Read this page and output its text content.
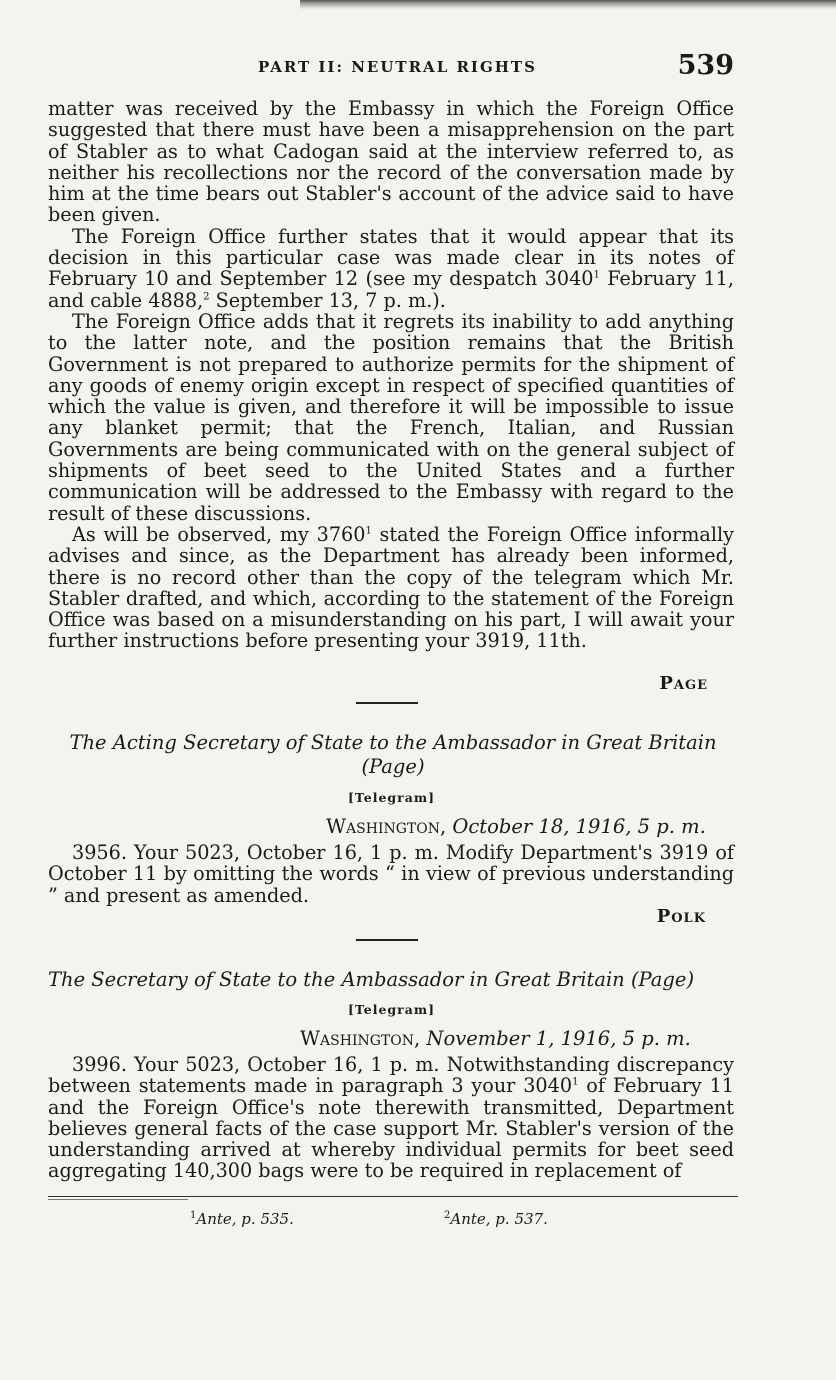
PART II: NEUTRAL RIGHTS	539

matter was received by the Embassy in which the Foreign Office suggested that there must have been a misapprehension on the part of Stabler as to what Cadogan said at the interview referred to, as neither his recollections nor the record of the conversation made by him at the time bears out Stabler's account of the advice said to have been given.

The Foreign Office further states that it would appear that its decision in this particular case was made clear in its notes of February 10 and September 12 (see my despatch 3040$^1$ February 11, and cable 4888,$^2$ September 13, 7 p. m.).

The Foreign Office adds that it regrets its inability to add anything to the latter note, and the position remains that the British Government is not prepared to authorize permits for the shipment of any goods of enemy origin except in respect of specified quantities of which the value is given, and therefore it will be impossible to issue any blanket permit; that the French, Italian, and Russian Governments are being communicated with on the general subject of shipments of beet seed to the United States and a further communication will be addressed to the Embassy with regard to the result of these discussions.

As will be observed, my 3760$^1$ stated the Foreign Office informally advises and since, as the Department has already been informed, there is no record other than the copy of the telegram which Mr. Stabler drafted, and which, according to the statement of the Foreign Office was based on a misunderstanding on his part, I will await your further instructions before presenting your 3919, 11th.

Page
The Acting Secretary of State to the Ambassador in Great Britain
(Page)
[Telegram]
Washington, October 18, 1916, 5 p. m.

3956. Your 5023, October 16, 1 p. m. Modify Department's 3919 of October 11 by omitting the words “ in view of previous understanding ” and present as amended.

Polk
The Secretary of State to the Ambassador in Great Britain (Page)
[Telegram]
Washington, November 1, 1916, 5 p. m.

3996. Your 5023, October 16, 1 p. m. Notwithstanding discrepancy between statements made in paragraph 3 your 3040$^1$ of February 11 and the Foreign Office's note therewith transmitted, Department believes general facts of the case support Mr. Stabler's version of the understanding arrived at whereby individual permits for beet seed aggregating 140,300 bags were to be required in replacement of

$^1$Ante, p. 535.	$^2$Ante, p. 537.
